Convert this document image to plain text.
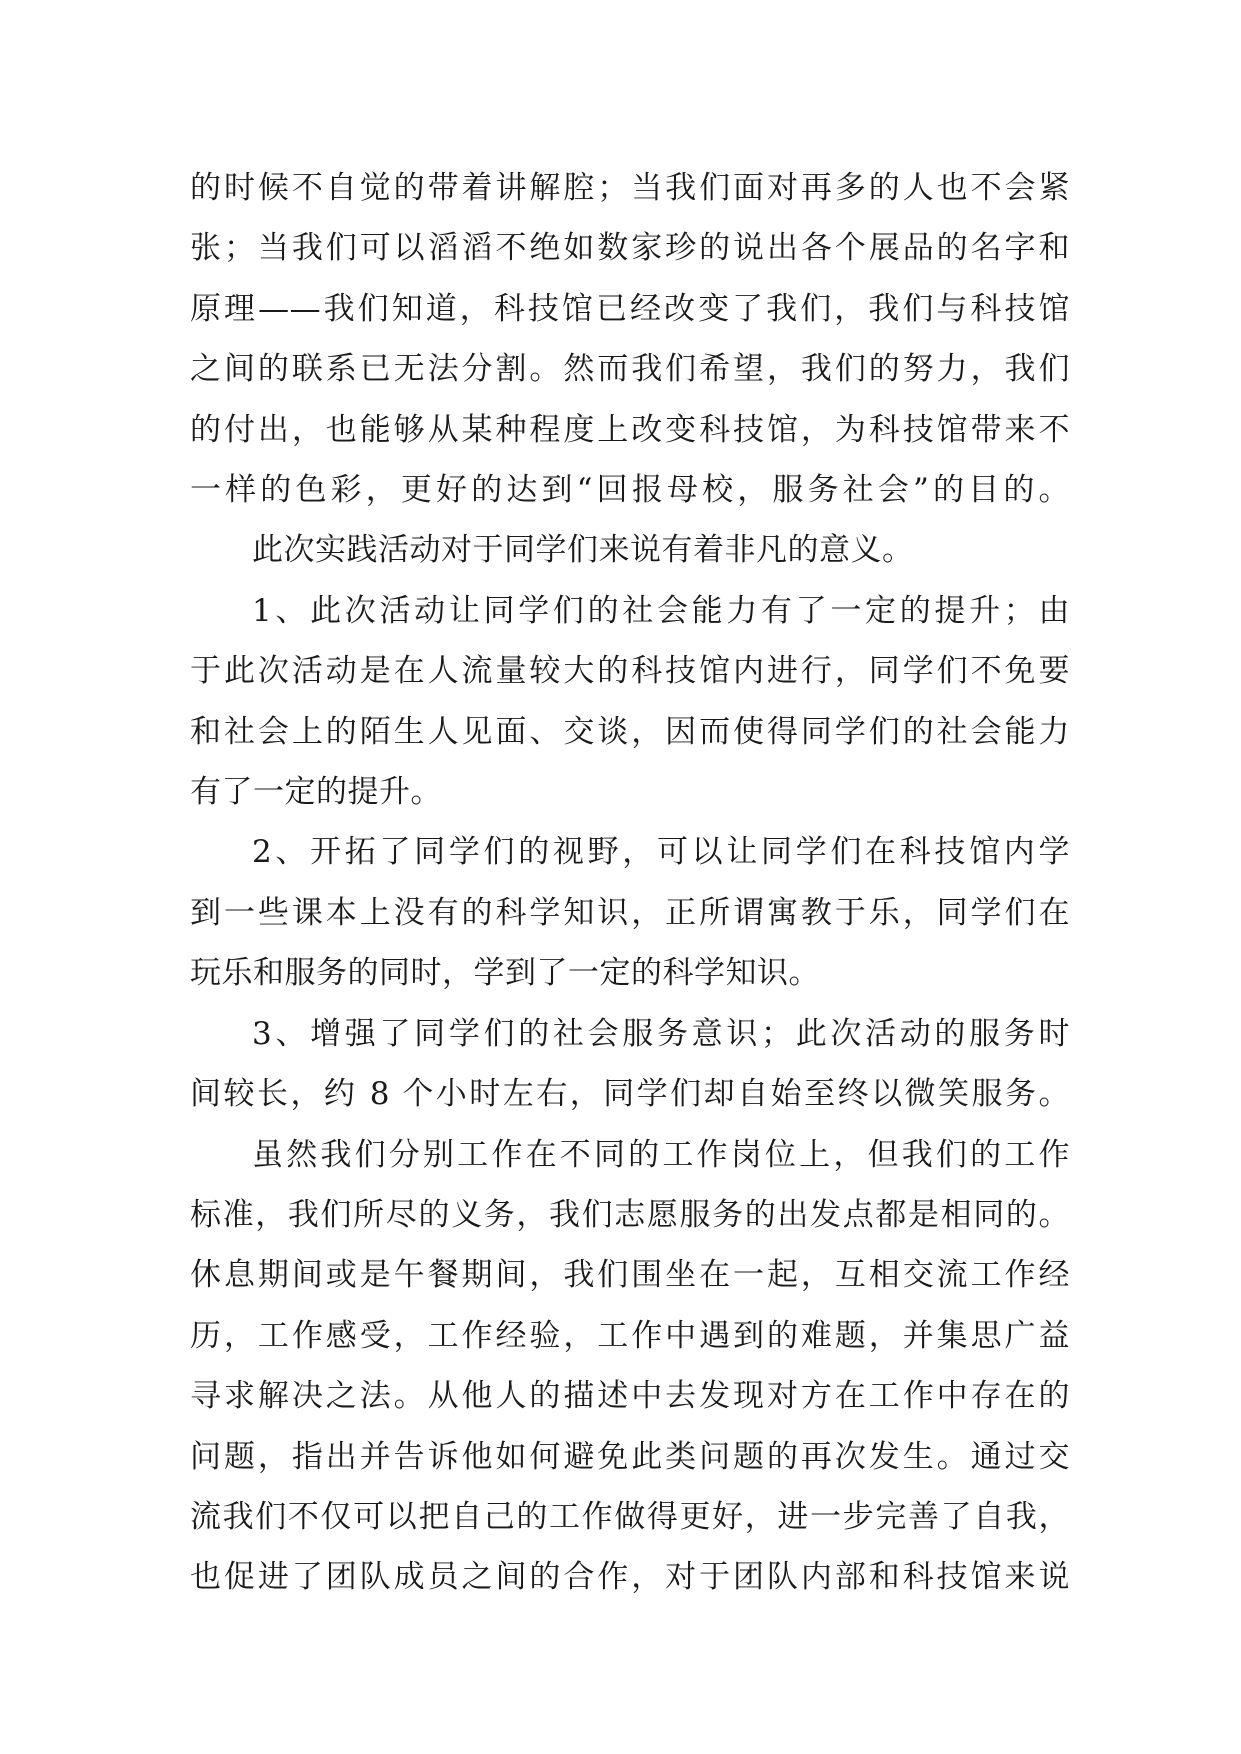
的时候不自觉的带着讲解腔；当我们面对再多的人也不会紧
张；当我们可以滔滔不绝如数家珍的说出各个展品的名字和
原理——我们知道，科技馆已经改变了我们，我们与科技馆
之间的联系已无法分割。然而我们希望，我们的努力，我们
的付出，也能够从某种程度上改变科技馆，为科技馆带来不
一样的色彩，更好的达到“回报母校，服务社会”的目的。
此次实践活动对于同学们来说有着非凡的意义。
1、此次活动让同学们的社会能力有了一定的提升；由
于此次活动是在人流量较大的科技馆内进行，同学们不免要
和社会上的陌生人见面、交谈，因而使得同学们的社会能力
有了一定的提升。
2、开拓了同学们的视野，可以让同学们在科技馆内学
到一些课本上没有的科学知识，正所谓寓教于乐，同学们在
玩乐和服务的同时，学到了一定的科学知识。
3、增强了同学们的社会服务意识；此次活动的服务时
间较长，约 8 个小时左右，同学们却自始至终以微笑服务。
虽然我们分别工作在不同的工作岗位上，但我们的工作
标准，我们所尽的义务，我们志愿服务的出发点都是相同的。
休息期间或是午餐期间，我们围坐在一起，互相交流工作经
历，工作感受，工作经验，工作中遇到的难题，并集思广益
寻求解决之法。从他人的描述中去发现对方在工作中存在的
问题，指出并告诉他如何避免此类问题的再次发生。通过交
流我们不仅可以把自己的工作做得更好，进一步完善了自我，
也促进了团队成员之间的合作，对于团队内部和科技馆来说
